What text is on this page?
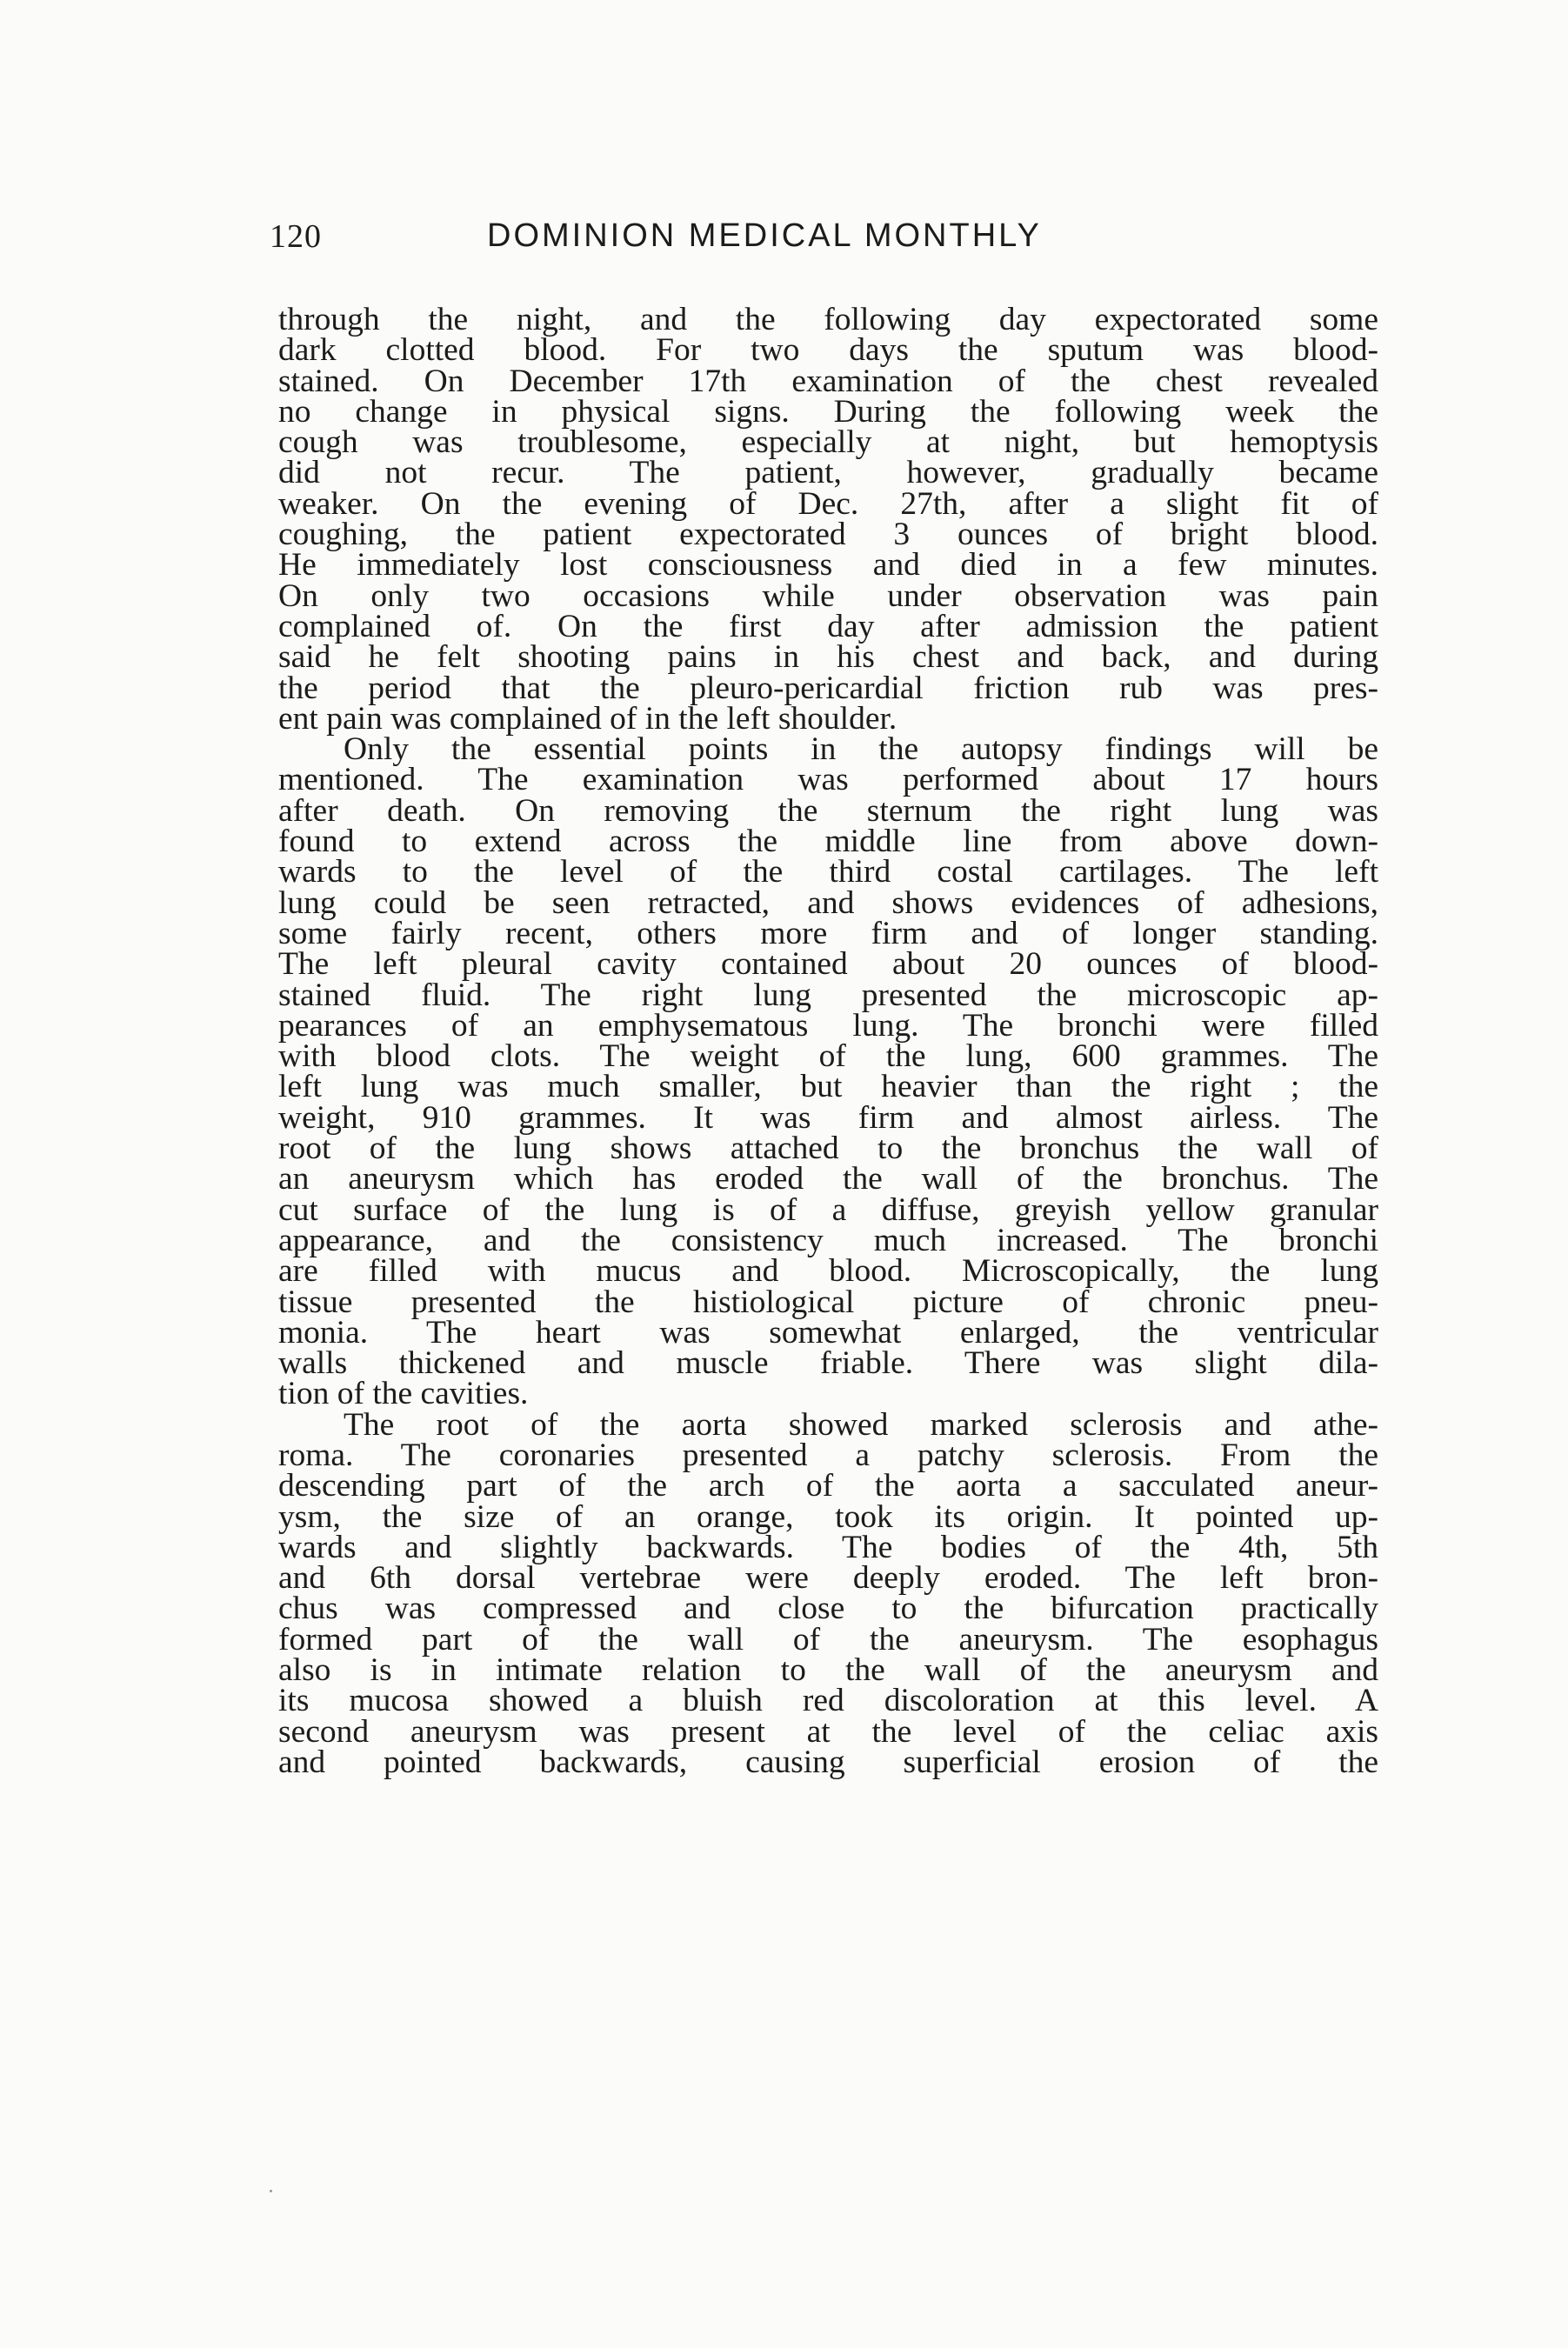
120	DOMINION MEDICAL MONTHLY
through the night, and the following day expectorated some
dark clotted blood. For two days the sputum was blood-
stained. On December 17th examination of the chest revealed
no change in physical signs. During the following week the
cough was troublesome, especially at night, but hemoptysis
did not recur. The patient, however, gradually became
weaker. On the evening of Dec. 27th, after a slight fit of
coughing, the patient expectorated 3 ounces of bright blood.
He immediately lost consciousness and died in a few minutes.
On only two occasions while under observation was pain
complained of. On the first day after admission the patient
said he felt shooting pains in his chest and back, and during
the period that the pleuro-pericardial friction rub was pres-
ent pain was complained of in the left shoulder.
Only the essential points in the autopsy findings will be
mentioned. The examination was performed about 17 hours
after death. On removing the sternum the right lung was
found to extend across the middle line from above down-
wards to the level of the third costal cartilages. The left
lung could be seen retracted, and shows evidences of adhesions,
some fairly recent, others more firm and of longer standing.
The left pleural cavity contained about 20 ounces of blood-
stained fluid. The right lung presented the microscopic ap-
pearances of an emphysematous lung. The bronchi were filled
with blood clots. The weight of the lung, 600 grammes. The
left lung was much smaller, but heavier than the right ; the
weight, 910 grammes. It was firm and almost airless. The
root of the lung shows attached to the bronchus the wall of
an aneurysm which has eroded the wall of the bronchus. The
cut surface of the lung is of a diffuse, greyish yellow granular
appearance, and the consistency much increased. The bronchi
are filled with mucus and blood. Microscopically, the lung
tissue presented the histiological picture of chronic pneu-
monia. The heart was somewhat enlarged, the ventricular
walls thickened and muscle friable. There was slight dila-
tion of the cavities.
The root of the aorta showed marked sclerosis and athe-
roma. The coronaries presented a patchy sclerosis. From the
descending part of the arch of the aorta a sacculated aneur-
ysm, the size of an orange, took its origin. It pointed up-
wards and slightly backwards. The bodies of the 4th, 5th
and 6th dorsal vertebrae were deeply eroded. The left bron-
chus was compressed and close to the bifurcation practically
formed part of the wall of the aneurysm. The esophagus
also is in intimate relation to the wall of the aneurysm and
its mucosa showed a bluish red discoloration at this level. A
second aneurysm was present at the level of the celiac axis
and pointed backwards, causing superficial erosion of the
